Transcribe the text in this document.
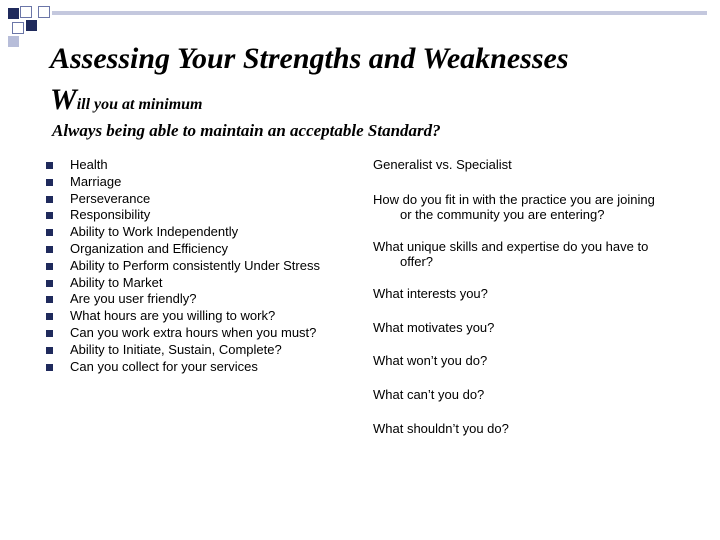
Assessing Your Strengths and Weaknesses
Will you at minimum
Always being able to maintain an acceptable Standard?
Health
Marriage
Perseverance
Responsibility
Ability to Work Independently
Organization and Efficiency
Ability to Perform consistently Under Stress
Ability to Market
Are you user friendly?
What hours are you willing to work?
Can you work extra hours when you must?
Ability to Initiate, Sustain, Complete?
Can you collect for your services
Generalist vs. Specialist
How do you fit in with the practice you are joining
or the community you are entering?
What unique skills and expertise do you have to
offer?
What interests you?
What motivates you?
What won’t you do?
What can’t you do?
What shouldn’t you do?
